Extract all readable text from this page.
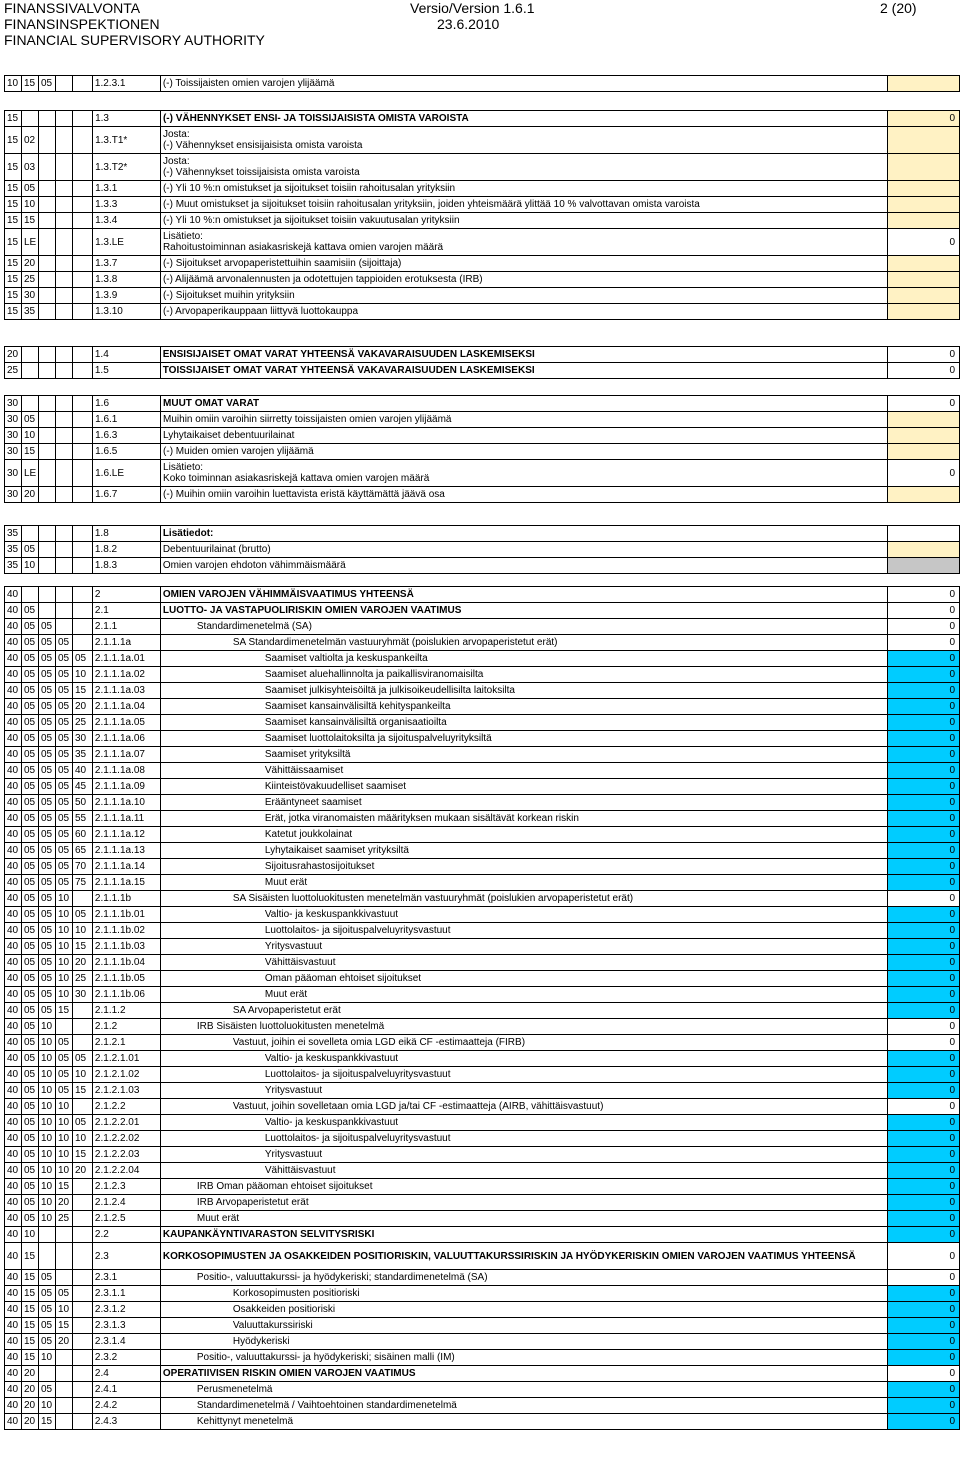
FINANSSIVALVONTA
FINANSINSPEKTIONEN
FINANCIAL SUPERVISORY AUTHORITY
Versio/Version 1.6.1
23.6.2010
2 (20)
10	15	05			1.2.3.1	(-) Toissijaisten omien varojen ylijäämä	
15					1.3	(-) VÄHENNYKSET ENSI- JA TOISSIJAISISTA OMISTA VAROISTA	0
15	02				1.3.T1*	Josta:
(-) Vähennykset ensisijaisista omista varoista	
15	03				1.3.T2*	Josta:
(-) Vähennykset toissijaisista omista varoista	
15	05				1.3.1	(-) Yli 10 %:n omistukset ja sijoitukset toisiin rahoitusalan yrityksiin	
15	10				1.3.3	(-) Muut omistukset ja sijoitukset toisiin rahoitusalan yrityksiin, joiden yhteismäärä ylittää 10 % valvottavan omista varoista	
15	15				1.3.4	(-) Yli 10 %:n omistukset ja sijoitukset toisiin vakuutusalan yrityksiin	
15	LE				1.3.LE	Lisätieto:
Rahoitustoiminnan asiakasriskejä kattava omien varojen määrä	0
15	20				1.3.7	(-) Sijoitukset arvopaperistettuihin saamisiin (sijoittaja)	
15	25				1.3.8	(-) Alijäämä arvonalennusten ja odotettujen tappioiden erotuksesta (IRB)	
15	30				1.3.9	(-) Sijoitukset muihin yrityksiin	
15	35				1.3.10	(-) Arvopaperikauppaan liittyvä luottokauppa	
20					1.4	ENSISIJAISET OMAT VARAT YHTEENSÄ VAKAVARAISUUDEN LASKEMISEKSI	0
25					1.5	TOISSIJAISET OMAT VARAT YHTEENSÄ VAKAVARAISUUDEN LASKEMISEKSI	0
30					1.6	MUUT OMAT VARAT	0
30	05				1.6.1	Muihin omiin varoihin siirretty toissijaisten omien varojen ylijäämä	
30	10				1.6.3	Lyhytaikaiset debentuurilainat	
30	15				1.6.5	(-) Muiden omien varojen ylijäämä	
30	LE				1.6.LE	Lisätieto:
Koko toiminnan asiakasriskejä kattava omien varojen määrä	0
30	20				1.6.7	(-) Muihin omiin varoihin luettavista eristä käyttämättä jäävä osa	
35					1.8	Lisätiedot:	
35	05				1.8.2	Debentuurilainat (brutto)	
35	10				1.8.3	Omien varojen ehdoton vähimmäismäärä	
40					2	OMIEN VAROJEN VÄHIMMÄISVAATIMUS YHTEENSÄ	0
40	05				2.1	LUOTTO- JA VASTAPUOLIRISKIN OMIEN VAROJEN VAATIMUS	0
40	05	05			2.1.1	Standardimenetelmä (SA)	0
40	05	05	05		2.1.1.1a	SA Standardimenetelmän vastuuryhmät (poislukien arvopaperistetut erät)	0
40	05	05	05	05	2.1.1.1a.01	Saamiset valtiolta ja keskuspankeilta	0
40	05	05	05	10	2.1.1.1a.02	Saamiset aluehallinnolta ja paikallisviranomaisilta	0
40	05	05	05	15	2.1.1.1a.03	Saamiset julkisyhteisöiltä ja julkisoikeudellisilta laitoksilta	0
40	05	05	05	20	2.1.1.1a.04	Saamiset kansainvälisiltä kehityspankeilta	0
40	05	05	05	25	2.1.1.1a.05	Saamiset kansainvälisiltä organisaatioilta	0
40	05	05	05	30	2.1.1.1a.06	Saamiset luottolaitoksilta ja sijoituspalveluyrityksiltä	0
40	05	05	05	35	2.1.1.1a.07	Saamiset yrityksiltä	0
40	05	05	05	40	2.1.1.1a.08	Vähittäissaamiset	0
40	05	05	05	45	2.1.1.1a.09	Kiinteistövakuudelliset saamiset	0
40	05	05	05	50	2.1.1.1a.10	Erääntyneet saamiset	0
40	05	05	05	55	2.1.1.1a.11	Erät, jotka viranomaisten määrityksen mukaan sisältävät korkean riskin	0
40	05	05	05	60	2.1.1.1a.12	Katetut joukkolainat	0
40	05	05	05	65	2.1.1.1a.13	Lyhytaikaiset saamiset yrityksiltä	0
40	05	05	05	70	2.1.1.1a.14	Sijoitusrahastosijoitukset	0
40	05	05	05	75	2.1.1.1a.15	Muut erät	0
40	05	05	10		2.1.1.1b	SA Sisäisten luottoluokitusten menetelmän vastuuryhmät (poislukien arvopaperistetut erät)	0
40	05	05	10	05	2.1.1.1b.01	Valtio- ja keskuspankkivastuut	0
40	05	05	10	10	2.1.1.1b.02	Luottolaitos- ja sijoituspalveluyritysvastuut	0
40	05	05	10	15	2.1.1.1b.03	Yritysvastuut	0
40	05	05	10	20	2.1.1.1b.04	Vähittäisvastuut	0
40	05	05	10	25	2.1.1.1b.05	Oman pääoman ehtoiset sijoitukset	0
40	05	05	10	30	2.1.1.1b.06	Muut erät	0
40	05	05	15		2.1.1.2	SA Arvopaperistetut erät	0
40	05	10			2.1.2	IRB Sisäisten luottoluokitusten menetelmä	0
40	05	10	05		2.1.2.1	Vastuut, joihin ei sovelleta omia LGD eikä CF -estimaatteja (FIRB)	0
40	05	10	05	05	2.1.2.1.01	Valtio- ja keskuspankkivastuut	0
40	05	10	05	10	2.1.2.1.02	Luottolaitos- ja sijoituspalveluyritysvastuut	0
40	05	10	05	15	2.1.2.1.03	Yritysvastuut	0
40	05	10	10		2.1.2.2	Vastuut, joihin sovelletaan omia LGD ja/tai CF -estimaatteja (AIRB, vähittäisvastuut)	0
40	05	10	10	05	2.1.2.2.01	Valtio- ja keskuspankkivastuut	0
40	05	10	10	10	2.1.2.2.02	Luottolaitos- ja sijoituspalveluyritysvastuut	0
40	05	10	10	15	2.1.2.2.03	Yritysvastuut	0
40	05	10	10	20	2.1.2.2.04	Vähittäisvastuut	0
40	05	10	15		2.1.2.3	IRB Oman pääoman ehtoiset sijoitukset	0
40	05	10	20		2.1.2.4	IRB Arvopaperistetut erät	0
40	05	10	25		2.1.2.5	Muut erät	0
40	10				2.2	KAUPANKÄYNTIVARASTON SELVITYSRISKI	0
40	15				2.3	KORKOSOPIMUSTEN JA OSAKKEIDEN POSITIORISKIN, VALUUTTAKURSSIRISKIN JA HYÖDYKERISKIN OMIEN VAROJEN VAATIMUS YHTEENSÄ	0
40	15	05			2.3.1	Positio-, valuuttakurssi- ja hyödykeriski; standardimenetelmä (SA)	0
40	15	05	05		2.3.1.1	Korkosopimusten positioriski	0
40	15	05	10		2.3.1.2	Osakkeiden positioriski	0
40	15	05	15		2.3.1.3	Valuuttakurssiriski	0
40	15	05	20		2.3.1.4	Hyödykeriski	0
40	15	10			2.3.2	Positio-, valuuttakurssi- ja hyödykeriski; sisäinen malli (IM)	0
40	20				2.4	OPERATIIVISEN RISKIN OMIEN VAROJEN VAATIMUS	0
40	20	05			2.4.1	Perusmenetelmä	0
40	20	10			2.4.2	Standardimenetelmä / Vaihtoehtoinen standardimenetelmä	0
40	20	15			2.4.3	Kehittynyt menetelmä	0
